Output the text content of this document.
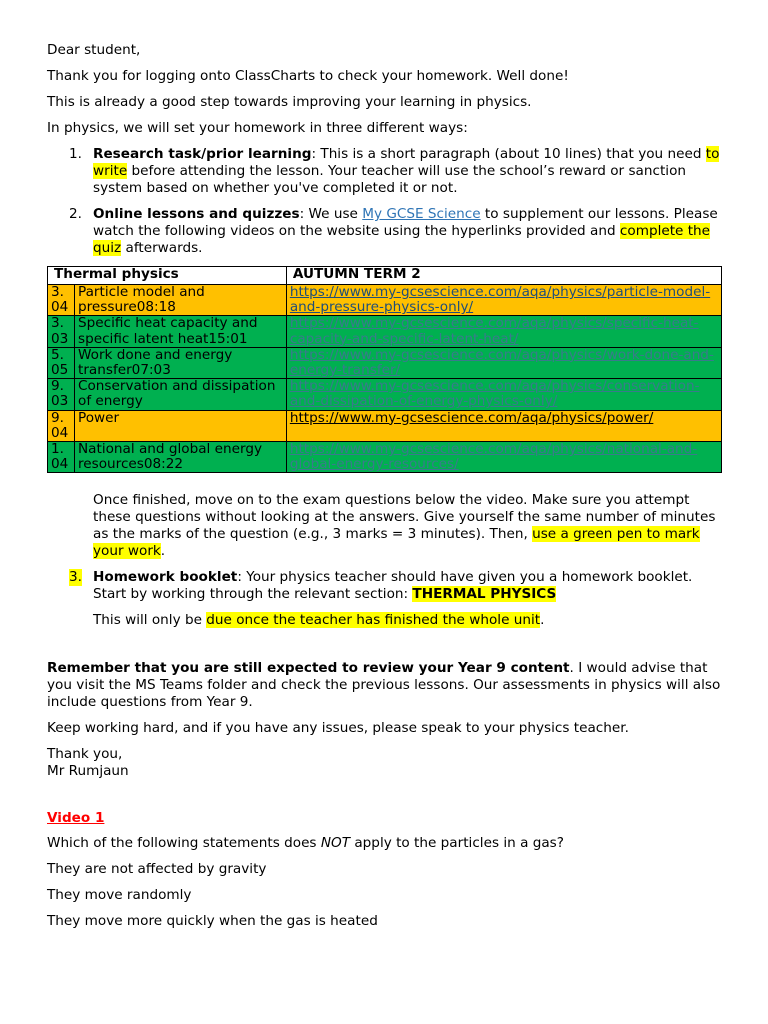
Dear student,

Thank you for logging onto ClassCharts to check your homework. Well done!

This is already a good step towards improving your learning in physics.

In physics, we will set your homework in three different ways:

1. Research task/prior learning: This is a short paragraph (about 10 lines) that you need to write before attending the lesson. Your teacher will use the school’s reward or sanction system based on whether you've completed it or not.
2. Online lessons and quizzes: We use My GCSE Science to supplement our lessons. Please watch the following videos on the website using the hyperlinks provided and complete the quiz afterwards.
Thermal physics		AUTUMN TERM 2
3.
04	Particle model and pressure08:18	https://www.my-gcsescience.com/aqa/physics/particle-model-and-pressure-physics-only/
3.
03	Specific heat capacity and specific latent heat15:01	https://www.my-gcsescience.com/aqa/physics/specific-heat-capacity-and-specific-latent-heat/
5.
05	Work done and energy transfer07:03	https://www.my-gcsescience.com/aqa/physics/work-done-and-energy-transfer/
9.
03	Conservation and dissipation of energy	https://www.my-gcsescience.com/aqa/physics/conservation-and-dissipation-of-energy-physics-only/
9.
04	Power	https://www.my-gcsescience.com/aqa/physics/power/
1.
04	National and global energy resources08:22	https://www.my-gcsescience.com/aqa/physics/national-and-global-energy-resources/

Once finished, move on to the exam questions below the video. Make sure you attempt these questions without looking at the answers. Give yourself the same number of minutes as the marks of the question (e.g., 3 marks = 3 minutes). Then, use a green pen to mark your work.

3. Homework booklet: Your physics teacher should have given you a homework booklet. Start by working through the relevant section: THERMAL PHYSICS

This will only be due once the teacher has finished the whole unit.

Remember that you are still expected to review your Year 9 content. I would advise that you visit the MS Teams folder and check the previous lessons. Our assessments in physics will also include questions from Year 9.

Keep working hard, and if you have any issues, please speak to your physics teacher.

Thank you,
Mr Rumjaun

Video 1

Which of the following statements does NOT apply to the particles in a gas?

They are not affected by gravity

They move randomly

They move more quickly when the gas is heated
